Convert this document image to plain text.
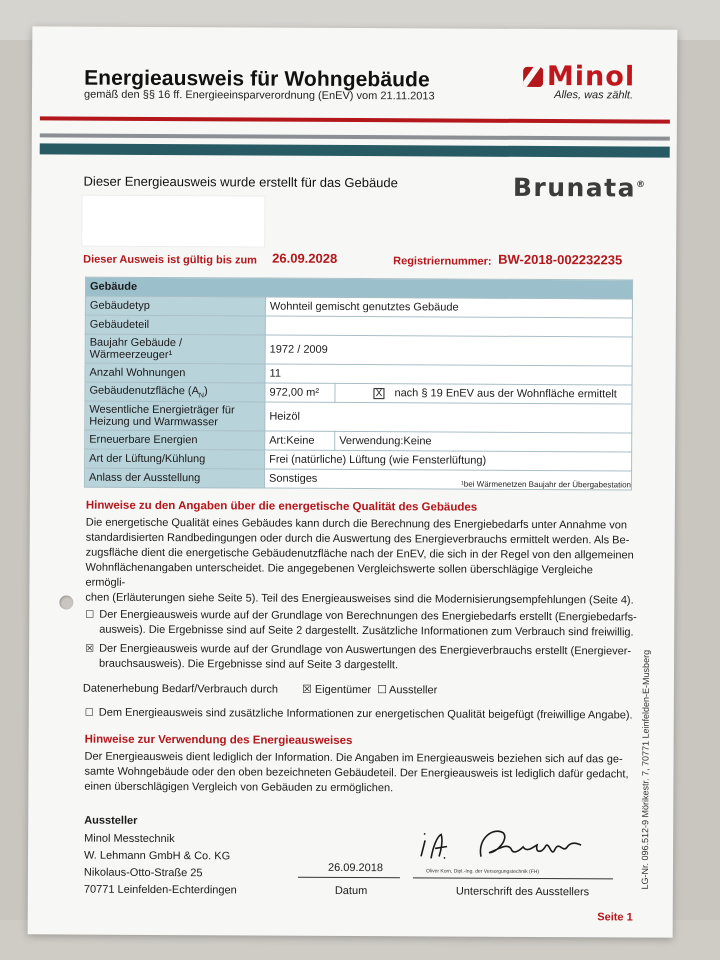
Energieausweis für Wohngebäude
gemäß den §§ 16 ff. Energieeinsparverordnung (EnEV) vom 21.11.2013
Minol
Alles, was zählt.
Dieser Energieausweis wurde erstellt für das Gebäude	Brunata®
Dieser Ausweis ist gültig bis zum 26.09.2028	Registriernummer: BW-2018-002232235
Gebäude		
Gebäudetyp	Wohnteil gemischt genutztes Gebäude	
Gebäudeteil		
Baujahr Gebäude / Wärmeerzeuger¹	1972 / 2009	
Anzahl Wohnungen	11	
Gebäudenutzfläche $(A_N)$	972,00 m²	X nach § 19 EnEV aus der Wohnfläche ermittelt
Wesentliche Energieträger für Heizung und Warmwasser	Heizöl	
Erneuerbare Energien	Art:Keine	Verwendung:Keine
Art der Lüftung/Kühlung	Frei (natürliche) Lüftung (wie Fensterlüftung)	
Anlass der Ausstellung	Sonstiges		¹bei Wärmenetzen Baujahr der Übergabestation
Hinweise zu den Angaben über die energetische Qualität des Gebäudes
Die energetische Qualität eines Gebäudes kann durch die Berechnung des Energiebedarfs unter Annahme von
standardisierten Randbedingungen oder durch die Auswertung des Energieverbrauchs ermittelt werden. Als Be-
zugsfläche dient die energetische Gebäudenutzfläche nach der EnEV, die sich in der Regel von den allgemeinen
Wohnflächenangaben unterscheidet. Die angegebenen Vergleichswerte sollen überschlägige Vergleiche ermögli-
chen (Erläuterungen siehe Seite 5). Teil des Energieausweises sind die Modernisierungsempfehlungen (Seite 4).
☐ Der Energieausweis wurde auf der Grundlage von Berechnungen des Energiebedarfs erstellt (Energiebedarfs-
ausweis). Die Ergebnisse sind auf Seite 2 dargestellt. Zusätzliche Informationen zum Verbrauch sind freiwillig.
☒ Der Energieausweis wurde auf der Grundlage von Auswertungen des Energieverbrauchs erstellt (Energiever-
brauchsausweis). Die Ergebnisse sind auf Seite 3 dargestellt.
Datenerhebung Bedarf/Verbrauch durch ☒ Eigentümer ☐ Aussteller
☐ Dem Energieausweis sind zusätzliche Informationen zur energetischen Qualität beigefügt (freiwillige Angabe).
Hinweise zur Verwendung des Energieausweises
Der Energieausweis dient lediglich der Information. Die Angaben im Energieausweis beziehen sich auf das ge-
samte Wohngebäude oder den oben bezeichneten Gebäudeteil. Der Energieausweis ist lediglich dafür gedacht,
einen überschlägigen Vergleich von Gebäuden zu ermöglichen.
Aussteller
Minol Messtechnik
W. Lehmann GmbH & Co. KG
Nikolaus-Otto-Straße 25
70771 Leinfelden-Echterdingen
26.09.2018
Datum
Oliver Korn, Dipl.-Ing. der Versorgungstechnik (FH)
Unterschrift des Ausstellers
Seite 1
LG-Nr. 096.512-9 Mörikestr. 7, 70771 Leinfelden-E-Musberg
